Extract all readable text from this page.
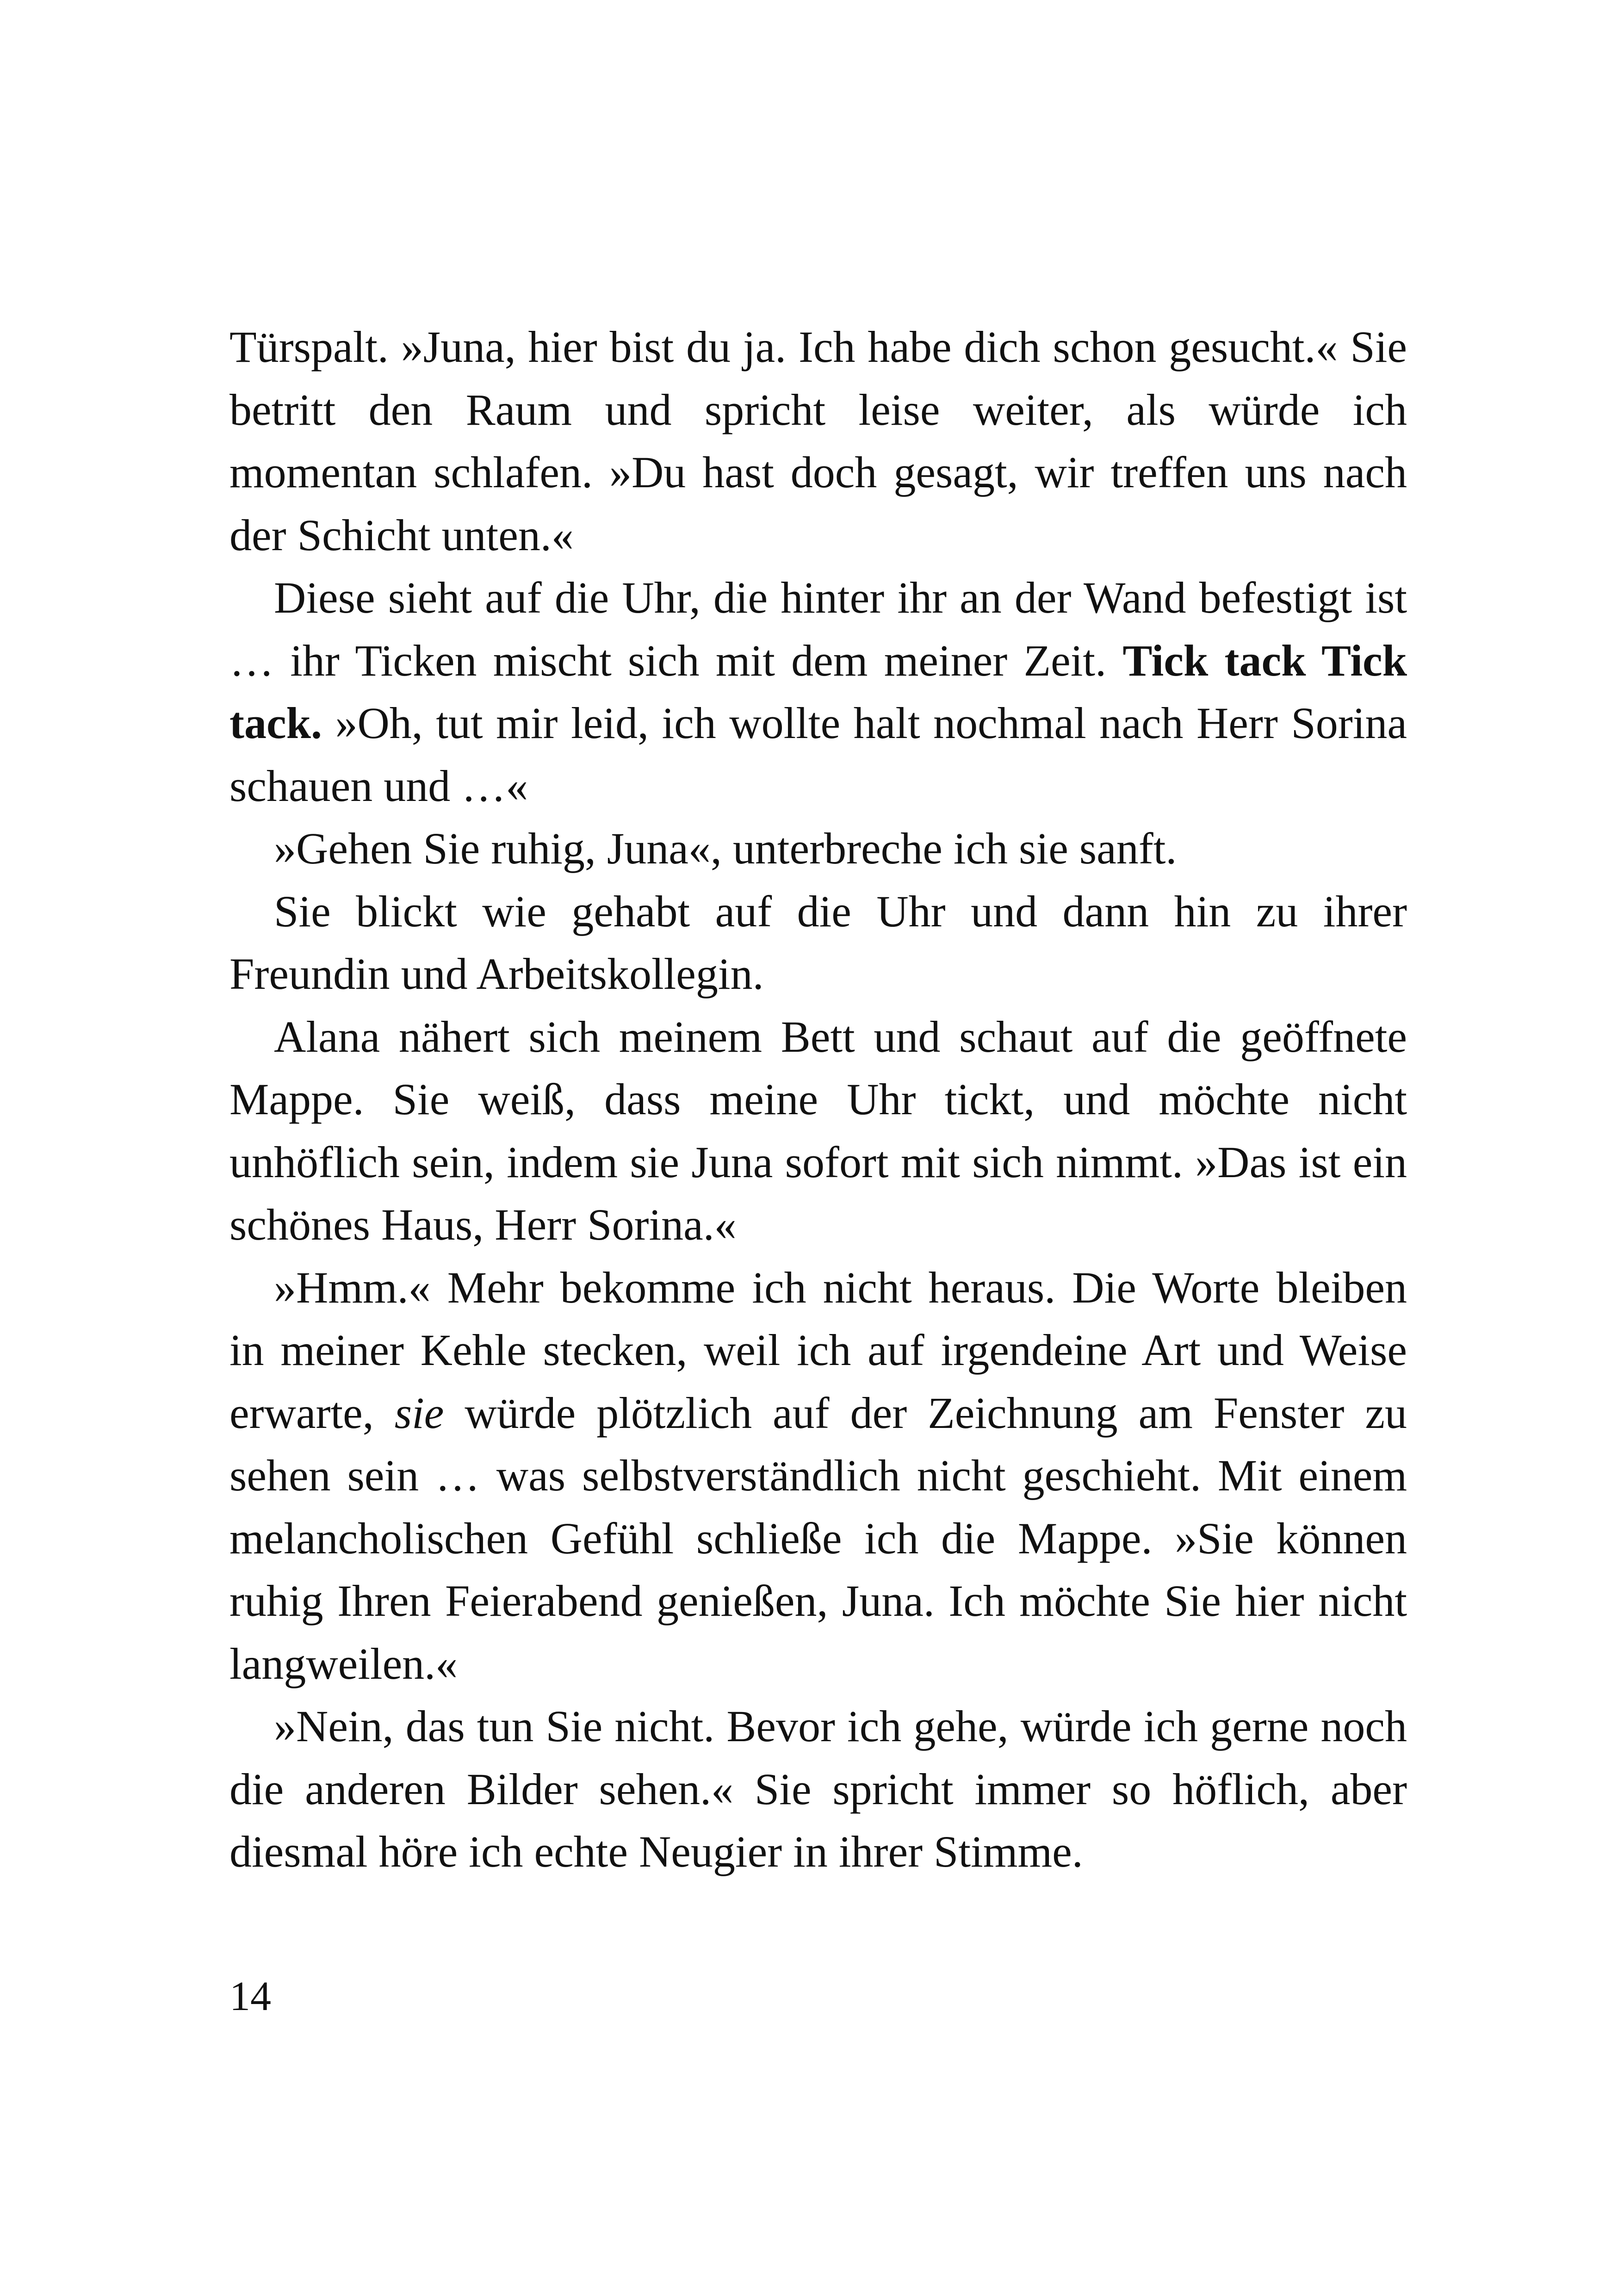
Türspalt. »Juna, hier bist du ja. Ich habe dich schon gesucht.« Sie betritt den Raum und spricht leise weiter, als würde ich momentan schlafen. »Du hast doch gesagt, wir treffen uns nach der Schicht unten.«

Diese sieht auf die Uhr, die hinter ihr an der Wand befestigt ist … ihr Ticken mischt sich mit dem meiner Zeit. Tick tack Tick tack. »Oh, tut mir leid, ich wollte halt nochmal nach Herr Sorina schauen und …«

»Gehen Sie ruhig, Juna«, unterbreche ich sie sanft.

Sie blickt wie gehabt auf die Uhr und dann hin zu ihrer Freundin und Arbeitskollegin.

Alana nähert sich meinem Bett und schaut auf die geöffnete Mappe. Sie weiß, dass meine Uhr tickt, und möchte nicht unhöflich sein, indem sie Juna sofort mit sich nimmt. »Das ist ein schönes Haus, Herr Sorina.«

»Hmm.« Mehr bekomme ich nicht heraus. Die Worte bleiben in meiner Kehle stecken, weil ich auf irgendeine Art und Weise erwarte, sie würde plötzlich auf der Zeichnung am Fenster zu sehen sein … was selbstverständlich nicht geschieht. Mit einem melancholischen Gefühl schließe ich die Mappe. »Sie können ruhig Ihren Feierabend genießen, Juna. Ich möchte Sie hier nicht langweilen.«

»Nein, das tun Sie nicht. Bevor ich gehe, würde ich gerne noch die anderen Bilder sehen.« Sie spricht immer so höflich, aber diesmal höre ich echte Neugier in ihrer Stimme.

14
